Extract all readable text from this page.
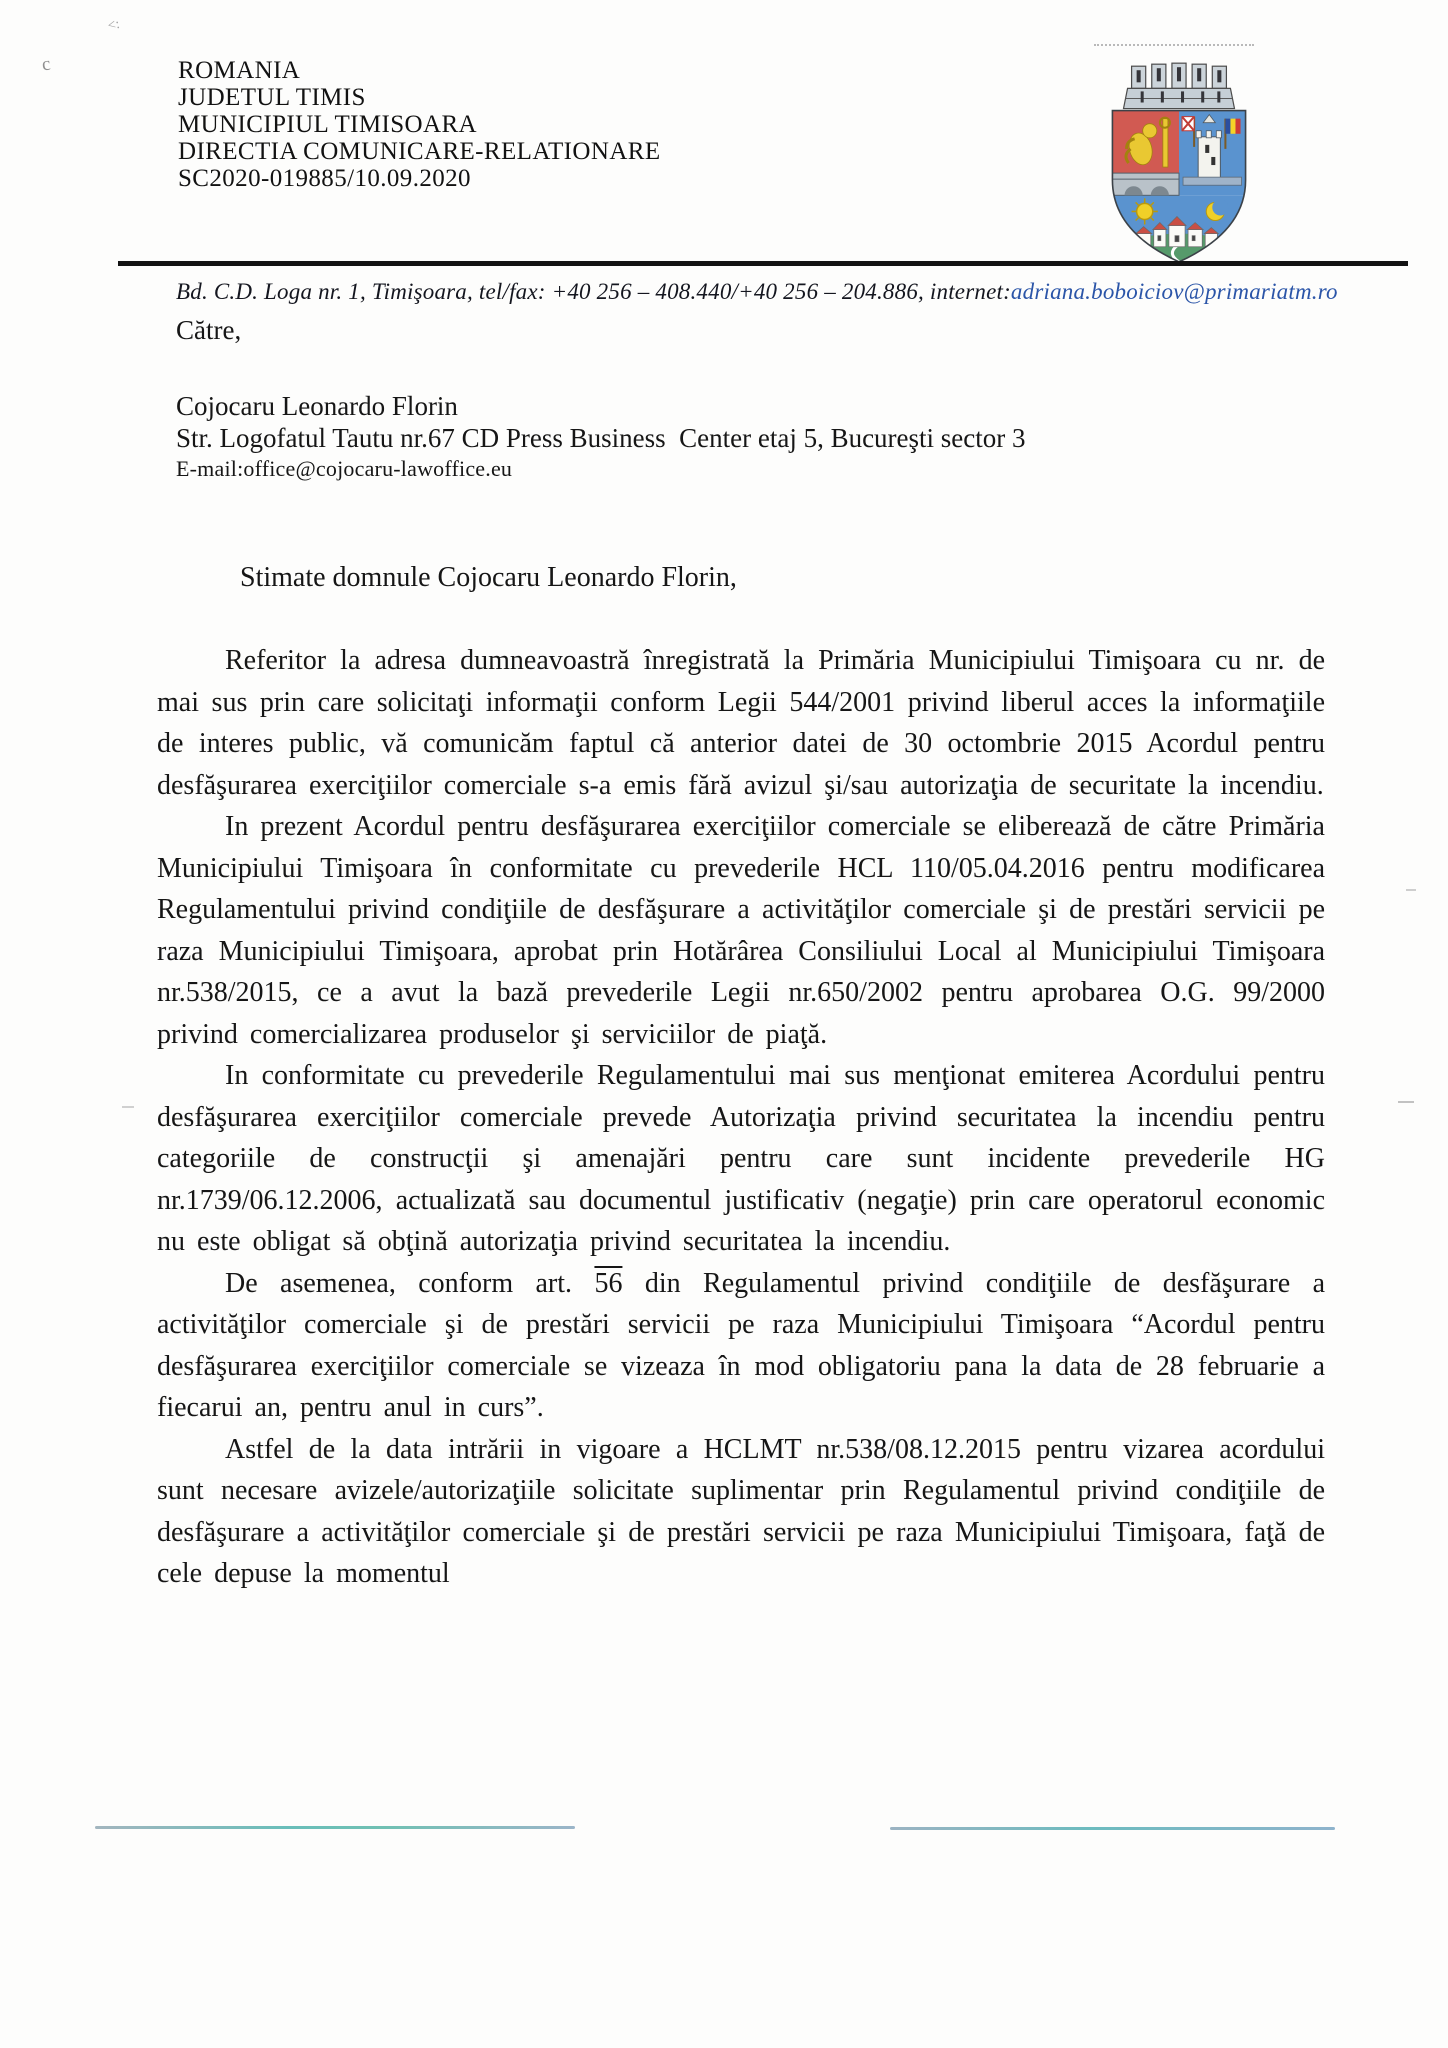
<:
c	ROMANIA
JUDETUL TIMIS
MUNICIPIUL TIMISOARA
DIRECTIA COMUNICARE-RELATIONARE
SC2020-019885/10.09.2020
Bd. C.D. Loga nr. 1, Timişoara, tel/fax: +40 256 – 408.440/+40 256 – 204.886, internet:adriana.boboiciov@primariatm.ro
Către,
Cojocaru Leonardo Florin
Str. Logofatul Tautu nr.67 CD Press Business  Center etaj 5, Bucureşti sector 3
E-mail:office@cojocaru-lawoffice.eu
Stimate domnule Cojocaru Leonardo Florin,

Referitor la adresa dumneavoastră înregistrată la Primăria Municipiului Timişoara cu nr. de mai sus prin care solicitaţi informaţii conform Legii 544/2001 privind liberul acces la informaţiile de interes public, vă comunicăm faptul că anterior datei de 30 octombrie 2015 Acordul pentru desfăşurarea exerciţiilor comerciale s-a emis fără avizul şi/sau autorizaţia de securitate la incendiu.

In prezent Acordul pentru desfăşurarea exerciţiilor comerciale se eliberează de către Primăria Municipiului Timişoara în conformitate cu prevederile HCL 110/05.04.2016 pentru modificarea Regulamentului privind condiţiile de desfăşurare a activităţilor comerciale şi de prestări servicii pe raza Municipiului Timişoara, aprobat prin Hotărârea Consiliului Local al Municipiului Timişoara nr.538/2015, ce a avut la bază prevederile Legii nr.650/2002 pentru aprobarea O.G. 99/2000 privind comercializarea produselor şi serviciilor de piaţă.

In conformitate cu prevederile Regulamentului mai sus menţionat emiterea Acordului pentru desfăşurarea exerciţiilor comerciale prevede Autorizaţia privind securitatea la incendiu pentru categoriile de construcţii şi amenajări pentru care sunt incidente prevederile HG nr.1739/06.12.2006, actualizată sau documentul justificativ (negaţie) prin care operatorul economic nu este obligat să obţină autorizaţia privind securitatea la incendiu.

De asemenea, conform art. 56 din Regulamentul privind condiţiile de desfăşurare a activităţilor comerciale şi de prestări servicii pe raza Municipiului Timişoara “Acordul pentru desfăşurarea exerciţiilor comerciale se vizeaza în mod obligatoriu pana la data de 28 februarie a fiecarui an, pentru anul in curs”.

Astfel de la data intrării in vigoare a HCLMT nr.538/08.12.2015 pentru vizarea acordului sunt necesare avizele/autorizaţiile solicitate suplimentar prin Regulamentul privind condiţiile de desfăşurare a activităţilor comerciale şi de prestări servicii pe raza Municipiului Timişoara, faţă de cele depuse la momentul
